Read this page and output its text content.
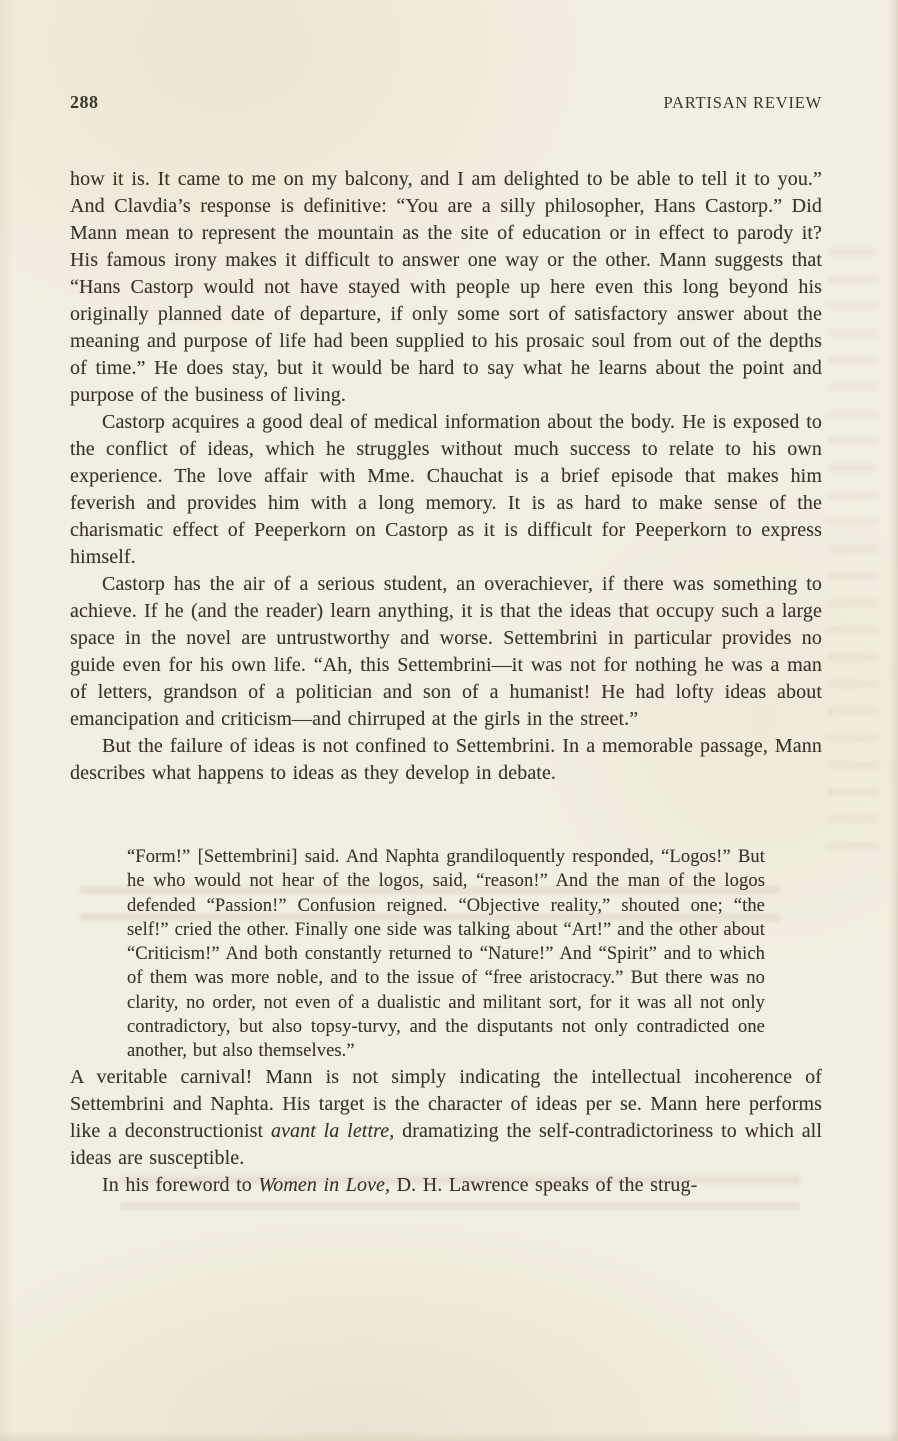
288	PARTISAN REVIEW

how it is. It came to me on my balcony, and I am delighted to be able to tell it to you.” And Clavdia’s response is definitive: “You are a silly philosopher, Hans Castorp.” Did Mann mean to represent the mountain as the site of education or in effect to parody it? His famous irony makes it difficult to answer one way or the other. Mann suggests that “Hans Castorp would not have stayed with people up here even this long beyond his originally planned date of departure, if only some sort of satisfactory answer about the meaning and purpose of life had been supplied to his prosaic soul from out of the depths of time.” He does stay, but it would be hard to say what he learns about the point and purpose of the business of living.

Castorp acquires a good deal of medical information about the body. He is exposed to the conflict of ideas, which he struggles without much success to relate to his own experience. The love affair with Mme. Chauchat is a brief episode that makes him feverish and provides him with a long memory. It is as hard to make sense of the charismatic effect of Peeperkorn on Castorp as it is difficult for Peeperkorn to express himself.

Castorp has the air of a serious student, an overachiever, if there was something to achieve. If he (and the reader) learn anything, it is that the ideas that occupy such a large space in the novel are untrustworthy and worse. Settembrini in particular provides no guide even for his own life. “Ah, this Settembrini—it was not for nothing he was a man of letters, grandson of a politician and son of a humanist! He had lofty ideas about emancipation and criticism—and chirruped at the girls in the street.”

But the failure of ideas is not confined to Settembrini. In a memorable passage, Mann describes what happens to ideas as they develop in debate.

“Form!” [Settembrini] said. And Naphta grandiloquently responded, “Logos!” But he who would not hear of the logos, said, “reason!” And the man of the logos defended “Passion!” Confusion reigned. “Objective reality,” shouted one; “the self!” cried the other. Finally one side was talking about “Art!” and the other about “Criticism!” And both constantly returned to “Nature!” And “Spirit” and to which of them was more noble, and to the issue of “free aristocracy.” But there was no clarity, no order, not even of a dualistic and militant sort, for it was all not only contradictory, but also topsy-turvy, and the disputants not only contradicted one another, but also themselves.”

A veritable carnival! Mann is not simply indicating the intellectual incoherence of Settembrini and Naphta. His target is the character of ideas per se. Mann here performs like a deconstructionist avant la lettre, dramatizing the self-contradictoriness to which all ideas are susceptible.

In his foreword to Women in Love, D. H. Lawrence speaks of the strug-
